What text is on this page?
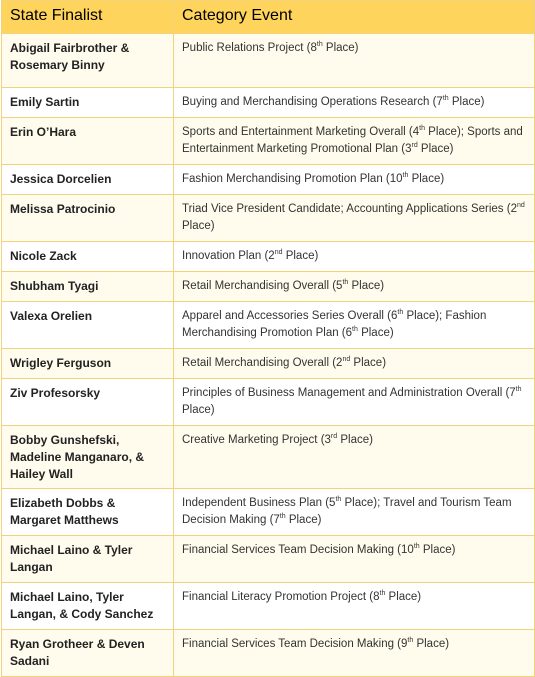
State Finalist	Category Event
Abigail Fairbrother & Rosemary Binny	Public Relations Project (8th Place)
Emily Sartin	Buying and Merchandising Operations Research (7th Place)
Erin O’Hara	Sports and Entertainment Marketing Overall (4th Place); Sports and Entertainment Marketing Promotional Plan (3rd Place)
Jessica Dorcelien	Fashion Merchandising Promotion Plan (10th Place)
Melissa Patrocinio	Triad Vice President Candidate; Accounting Applications Series (2nd Place)
Nicole Zack	Innovation Plan (2nd Place)
Shubham Tyagi	Retail Merchandising Overall (5th Place)
Valexa Orelien	Apparel and Accessories Series Overall (6th Place); Fashion Merchandising Promotion Plan (6th Place)
Wrigley Ferguson	Retail Merchandising Overall (2nd Place)
Ziv Profesorsky	Principles of Business Management and Administration Overall (7th Place)
Bobby Gunshefski, Madeline Manganaro, & Hailey Wall	Creative Marketing Project (3rd Place)
Elizabeth Dobbs & Margaret Matthews	Independent Business Plan (5th Place); Travel and Tourism Team Decision Making (7th Place)
Michael Laino & Tyler Langan	Financial Services Team Decision Making (10th Place)
Michael Laino, Tyler Langan, & Cody Sanchez	Financial Literacy Promotion Project (8th Place)
Ryan Grotheer & Deven Sadani	Financial Services Team Decision Making (9th Place)
